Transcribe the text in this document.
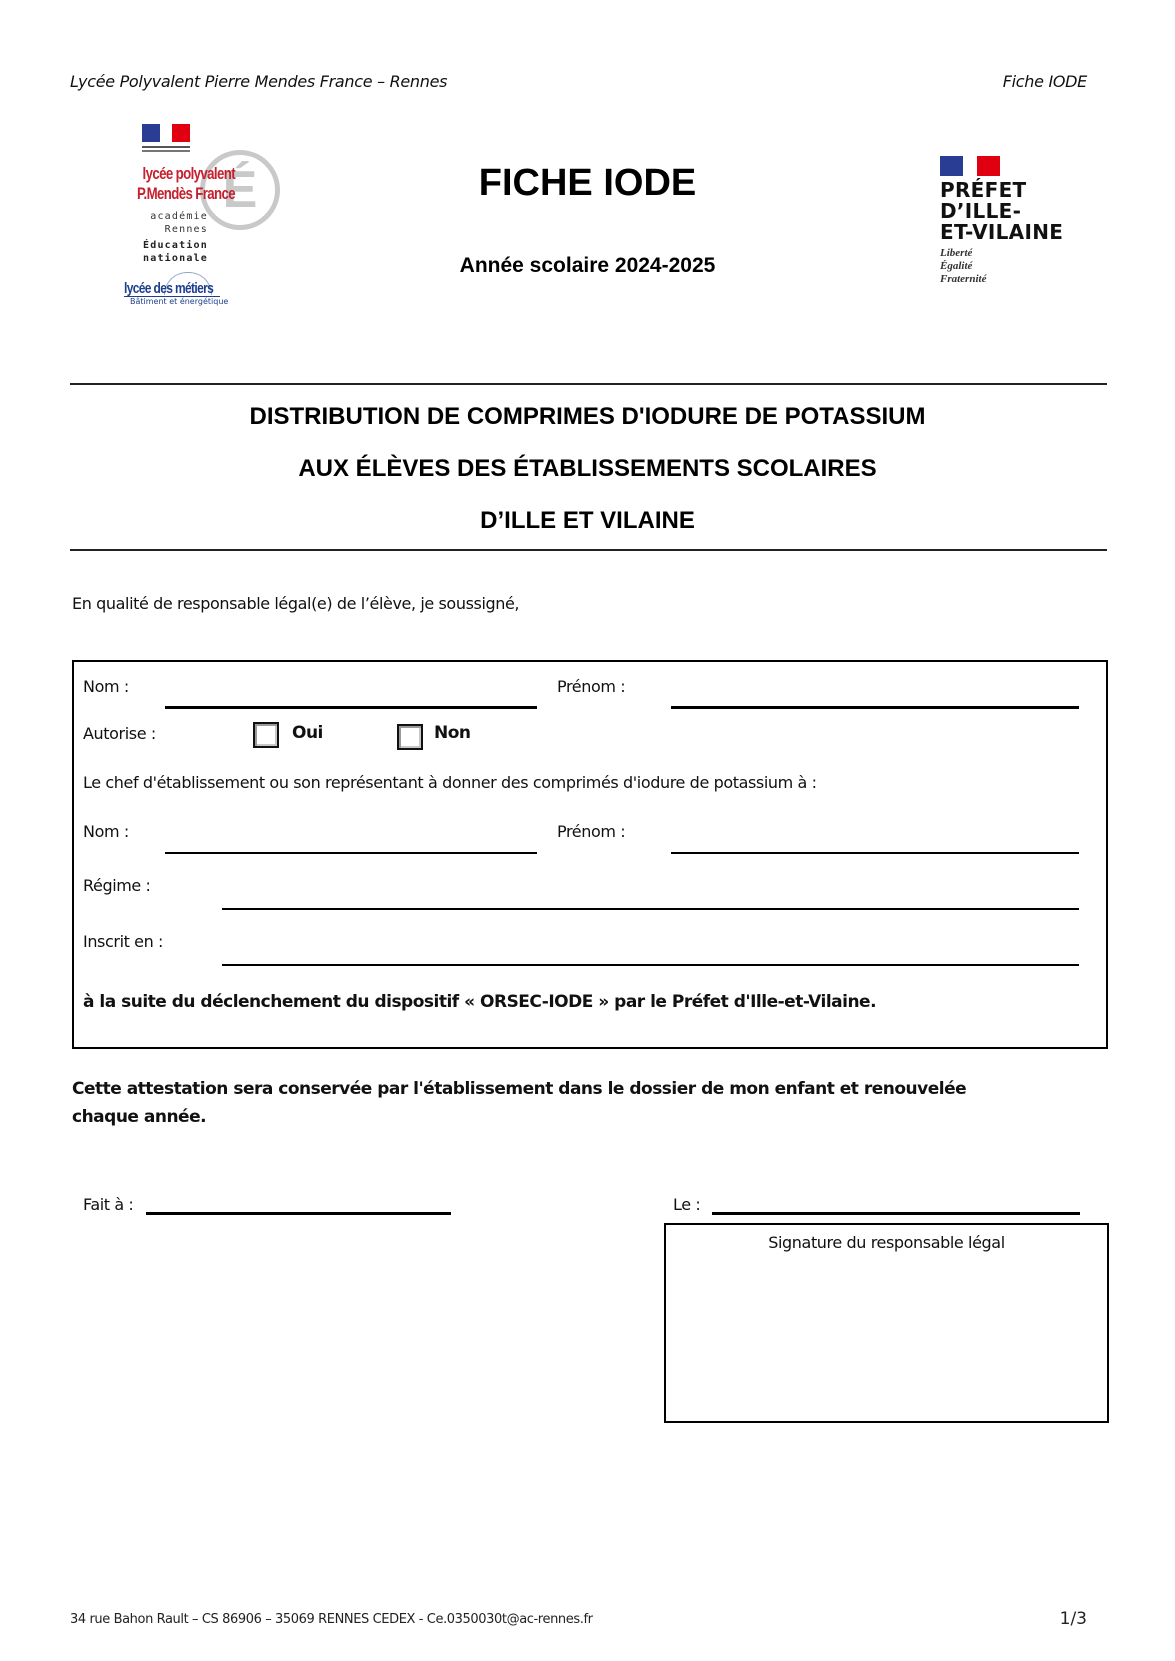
Lycée Polyvalent Pierre Mendes France – Rennes	Fiche IODE
É
lycée polyvalent
P.Mendès France
académie
Rennes
Éducation
nationale
lycée des métiers
Bâtiment et énergétique
FICHE IODE
Année scolaire 2024-2025
PRÉFET
D’ILLE-
ET-VILAINE
Liberté
Égalité
Fraternité
DISTRIBUTION DE COMPRIMES D'IODURE DE POTASSIUM
AUX ÉLÈVES DES ÉTABLISSEMENTS SCOLAIRES
D’ILLE ET VILAINE
En qualité de responsable légal(e) de l’élève, je soussigné,
Nom :	Prénom :
Autorise :	Oui	Non
Le chef d'établissement ou son représentant à donner des comprimés d'iodure de potassium à :
Nom :	Prénom :
Régime :
Inscrit en :
à la suite du déclenchement du dispositif « ORSEC-IODE » par le Préfet d'Ille-et-Vilaine.
Cette attestation sera conservée par l'établissement dans le dossier de mon enfant et renouvelée
chaque année.
Fait à :	Le :
Signature du responsable légal
34 rue Bahon Rault – CS 86906 – 35069 RENNES CEDEX - Ce.0350030t@ac-rennes.fr	1/3
